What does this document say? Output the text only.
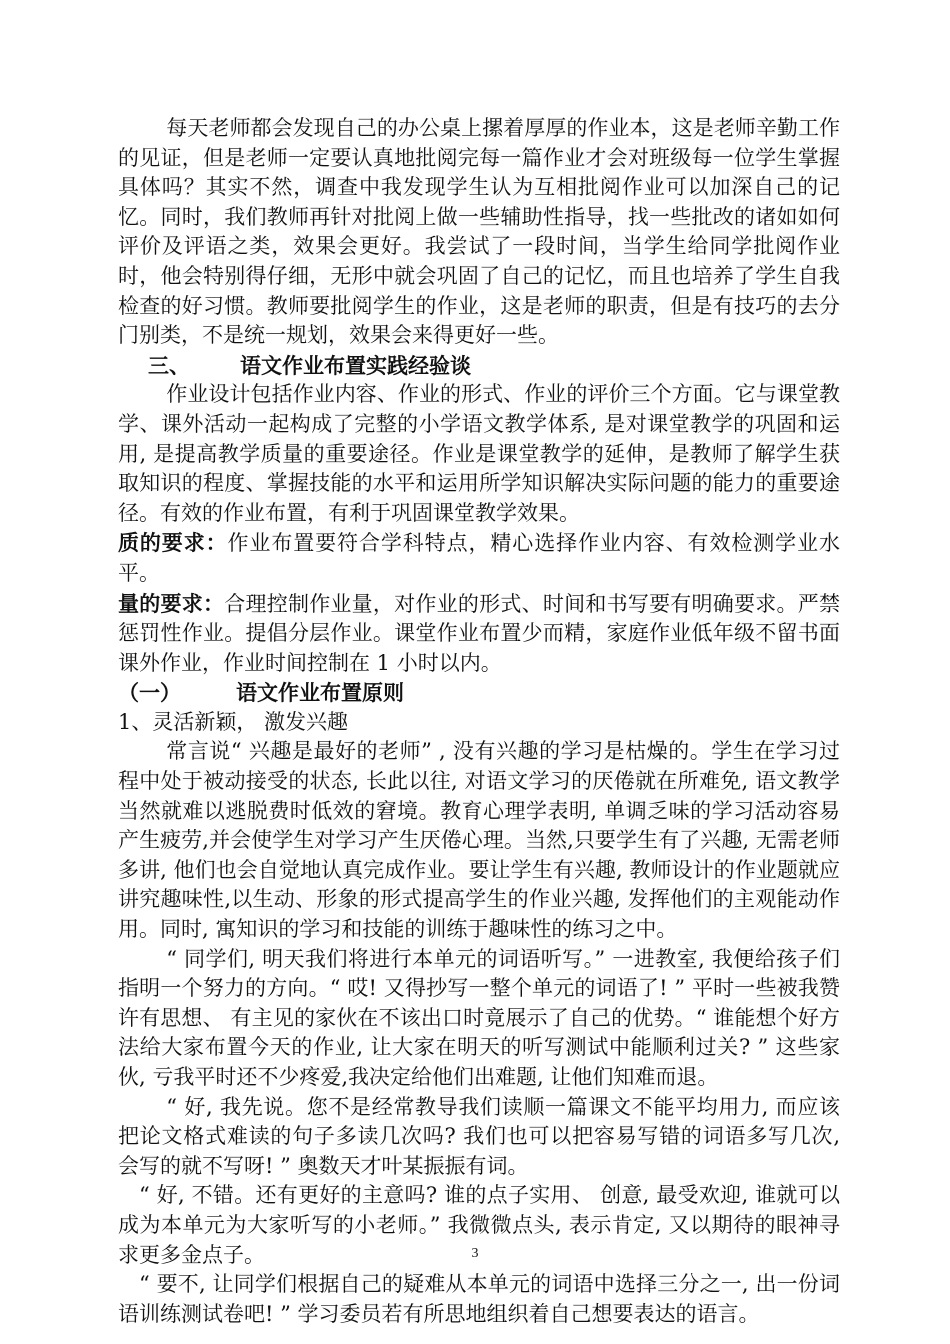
每天老师都会发现自己的办公桌上摞着厚厚的作业本，这是老师辛勤工作的见证，但是老师一定要认真地批阅完每一篇作业才会对班级每一位学生掌握具体吗？其实不然，调查中我发现学生认为互相批阅作业可以加深自己的记忆。同时，我们教师再针对批阅上做一些辅助性指导，找一些批改的诸如如何评价及评语之类，效果会更好。我尝试了一段时间，当学生给同学批阅作业时，他会特别得仔细，无形中就会巩固了自己的记忆，而且也培养了学生自我检查的好习惯。教师要批阅学生的作业，这是老师的职责，但是有技巧的去分门别类，不是统一规划，效果会来得更好一些。

三、 语文作业布置实践经验谈

作业设计包括作业内容、作业的形式、作业的评价三个方面。它与课堂教学、课外活动一起构成了完整的小学语文教学体系, 是对课堂教学的巩固和运用, 是提高教学质量的重要途径。作业是课堂教学的延伸，是教师了解学生获取知识的程度、掌握技能的水平和运用所学知识解决实际问题的能力的重要途径。有效的作业布置，有利于巩固课堂教学效果。

质的要求：作业布置要符合学科特点，精心选择作业内容、有效检测学业水平。

量的要求：合理控制作业量，对作业的形式、时间和书写要有明确要求。严禁惩罚性作业。提倡分层作业。课堂作业布置少而精，家庭作业低年级不留书面课外作业，作业时间控制在 1 小时以内。

（一）	语文作业布置原则

1、灵活新颖， 激发兴趣

常言说“ 兴趣是最好的老师” , 没有兴趣的学习是枯燥的。学生在学习过程中处于被动接受的状态, 长此以往, 对语文学习的厌倦就在所难免, 语文教学当然就难以逃脱费时低效的窘境。教育心理学表明, 单调乏味的学习活动容易产生疲劳,并会使学生对学习产生厌倦心理。当然,只要学生有了兴趣, 无需老师多讲, 他们也会自觉地认真完成作业。要让学生有兴趣, 教师设计的作业题就应讲究趣味性,以生动、形象的形式提高学生的作业兴趣, 发挥他们的主观能动作用。同时, 寓知识的学习和技能的训练于趣味性的练习之中。

“ 同学们, 明天我们将进行本单元的词语听写。” 一进教室, 我便给孩子们指明一个努力的方向。“ 哎! 又得抄写一整个单元的词语了! ” 平时一些被我赞许有思想、 有主见的家伙在不该出口时竟展示了自己的优势。“ 谁能想个好方法给大家布置今天的作业, 让大家在明天的听写测试中能顺利过关? ” 这些家伙, 亏我平时还不少疼爱,我决定给他们出难题, 让他们知难而退。

“ 好, 我先说。您不是经常教导我们读顺一篇课文不能平均用力, 而应该把论文格式难读的句子多读几次吗? 我们也可以把容易写错的词语多写几次, 会写的就不写呀! ” 奥数天才叶某振振有词。

“ 好, 不错。还有更好的主意吗? 谁的点子实用、 创意, 最受欢迎, 谁就可以成为本单元为大家听写的小老师。” 我微微点头, 表示肯定, 又以期待的眼神寻求更多金点子。

“ 要不, 让同学们根据自己的疑难从本单元的词语中选择三分之一, 出一份词语训练测试卷吧! ” 学习委员若有所思地组织着自己想要表达的语言。

3
